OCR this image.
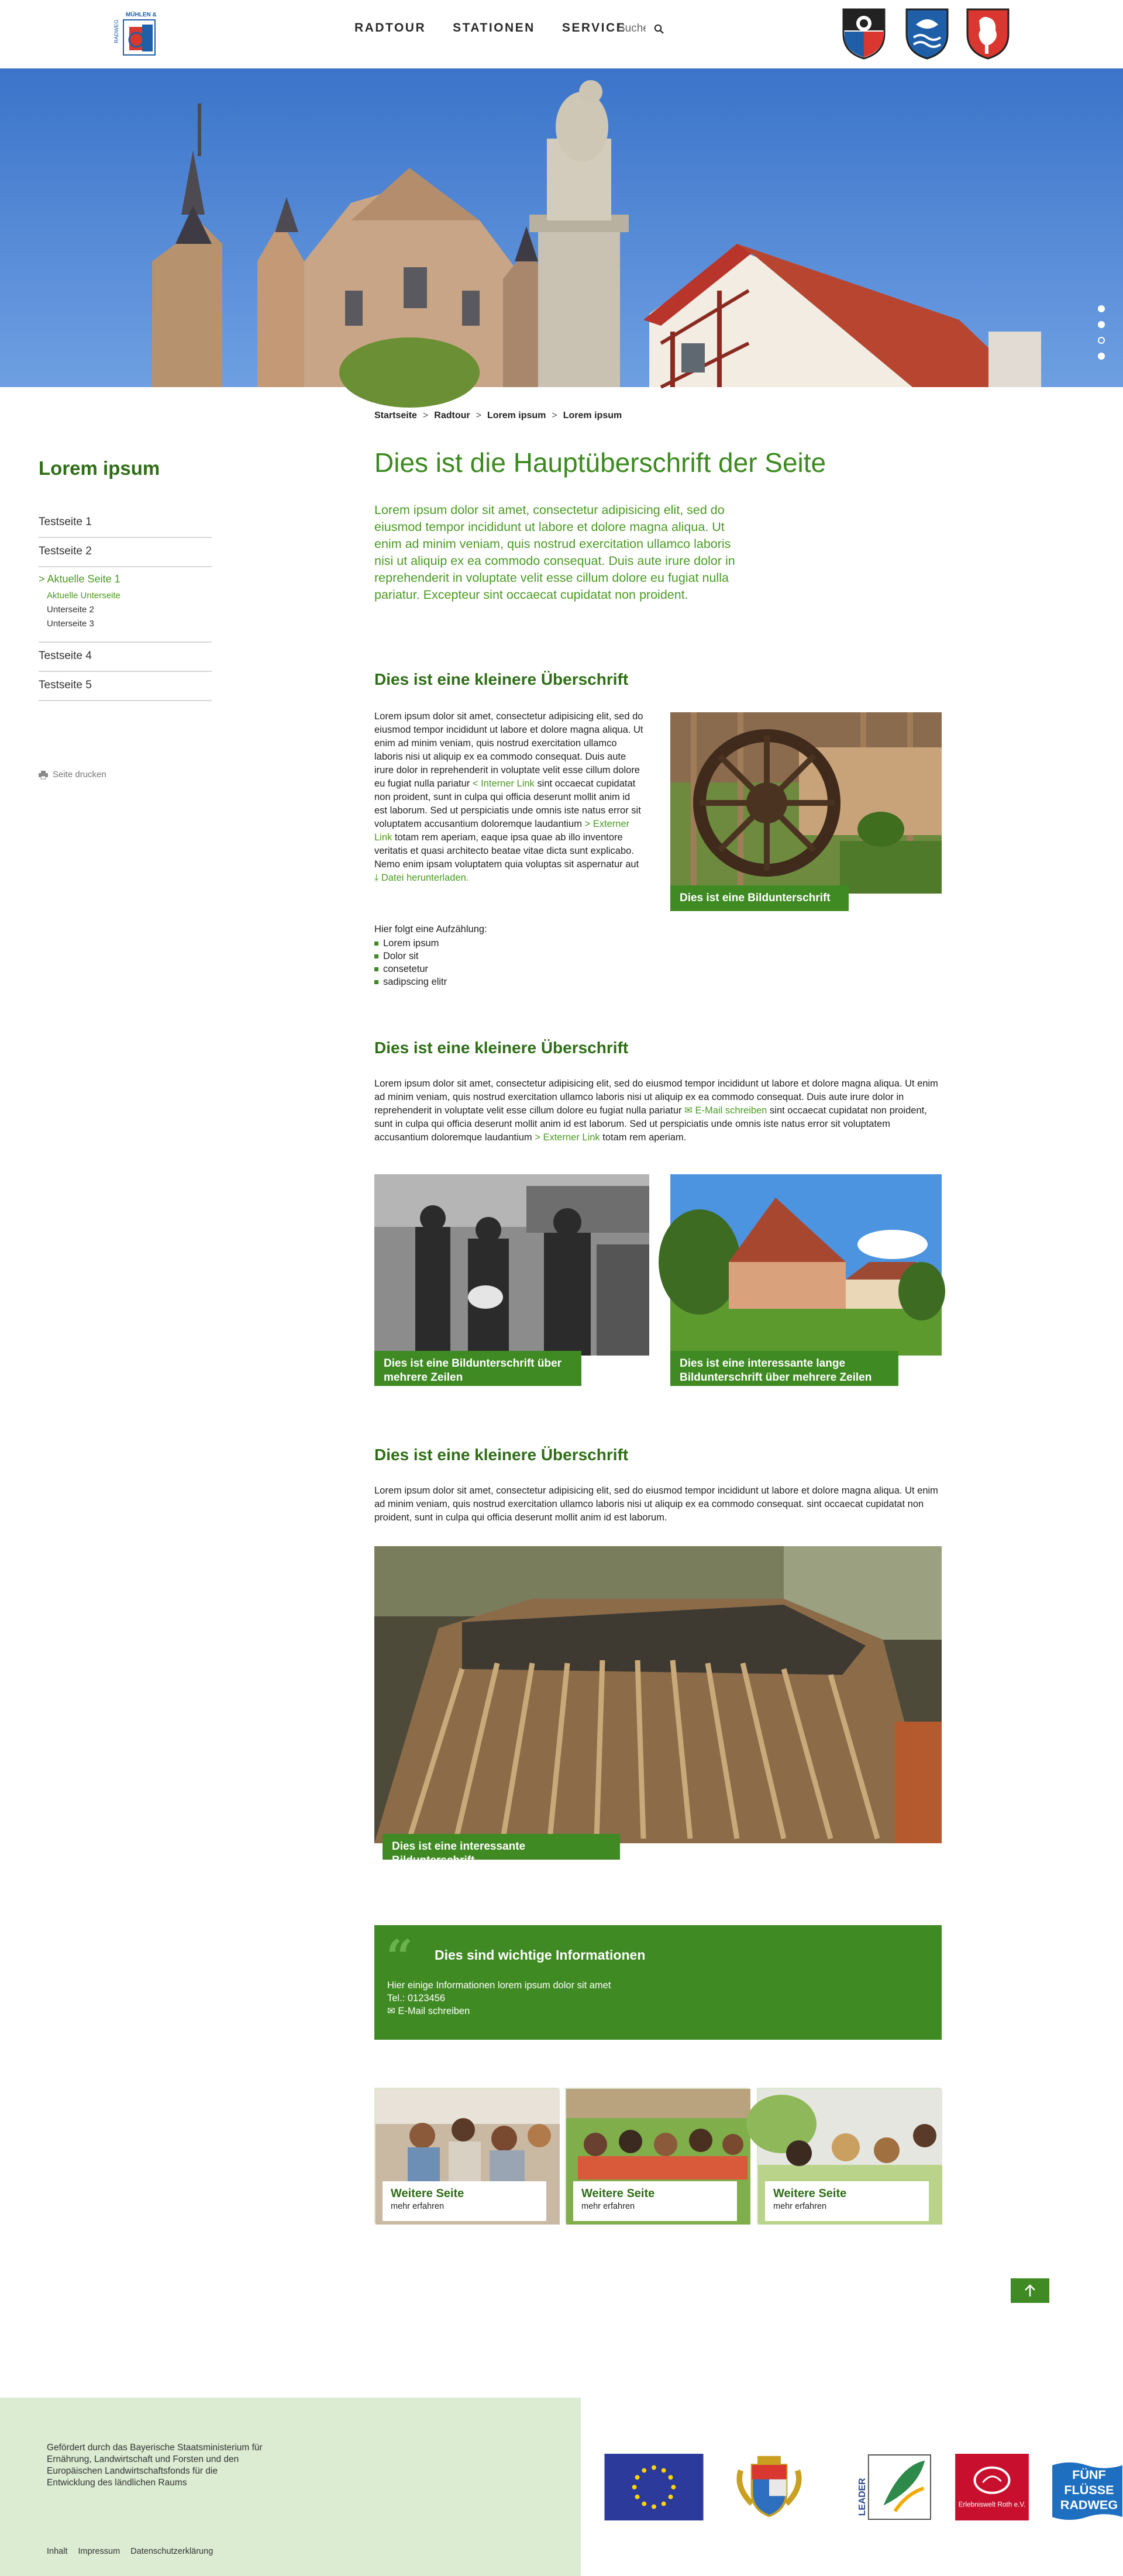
RADWEG
MÜHLEN &
RADTOUR STATIONEN SERVICE
Suche
Startseite > Radtour > Lorem ipsum > Lorem ipsum
Lorem ipsum
Testseite 1
Testseite 2
> Aktuelle Seite 1
Aktuelle Unterseite
Unterseite 2
Unterseite 3
Testseite 4
Testseite 5
Seite drucken
Dies ist die Hauptüberschrift der Seite
Lorem ipsum dolor sit amet, consectetur adipisicing elit, sed do eiusmod tempor incididunt ut labore et dolore magna aliqua. Ut enim ad minim veniam, quis nostrud exercitation ullamco laboris nisi ut aliquip ex ea commodo consequat. Duis aute irure dolor in reprehenderit in voluptate velit esse cillum dolore eu fugiat nulla pariatur. Excepteur sint occaecat cupidatat non proident.
Dies ist eine kleinere Überschrift
Lorem ipsum dolor sit amet, consectetur adipisicing elit, sed do eiusmod tempor incididunt ut labore et dolore magna aliqua. Ut enim ad minim veniam, quis nostrud exercitation ullamco laboris nisi ut aliquip ex ea commodo consequat. Duis aute irure dolor in reprehenderit in voluptate velit esse cillum dolore eu fugiat nulla pariatur < Interner Link sint occaecat cupidatat non proident, sunt in culpa qui officia deserunt mollit anim id est laborum. Sed ut perspiciatis unde omnis iste natus error sit voluptatem accusantium doloremque laudantium > Externer Link totam rem aperiam, eaque ipsa quae ab illo inventore veritatis et quasi architecto beatae vitae dicta sunt explicabo. Nemo enim ipsam voluptatem quia voluptas sit aspernatur aut ⤓ Datei herunterladen.
Dies ist eine Bildunterschrift
Hier folgt eine Aufzählung:
Lorem ipsum
Dolor sit
consetetur
sadipscing elitr
Dies ist eine kleinere Überschrift
Lorem ipsum dolor sit amet, consectetur adipisicing elit, sed do eiusmod tempor incididunt ut labore et dolore magna aliqua. Ut enim ad minim veniam, quis nostrud exercitation ullamco laboris nisi ut aliquip ex ea commodo consequat. Duis aute irure dolor in reprehenderit in voluptate velit esse cillum dolore eu fugiat nulla pariatur ✉ E-Mail schreiben sint occaecat cupidatat non proident, sunt in culpa qui officia deserunt mollit anim id est laborum. Sed ut perspiciatis unde omnis iste natus error sit voluptatem accusantium doloremque laudantium > Externer Link totam rem aperiam.
Dies ist eine Bildunterschrift über mehrere Zeilen
Dies ist eine interessante lange Bildunterschrift über mehrere Zeilen
Dies ist eine kleinere Überschrift
Lorem ipsum dolor sit amet, consectetur adipisicing elit, sed do eiusmod tempor incididunt ut labore et dolore magna aliqua. Ut enim ad minim veniam, quis nostrud exercitation ullamco laboris nisi ut aliquip ex ea commodo consequat. sint occaecat cupidatat non proident, sunt in culpa qui officia deserunt mollit anim id est laborum.
Dies ist eine interessante Bildunterschrift
“ Dies sind wichtige Informationen
Hier einige Informationen lorem ipsum dolor sit amet
Tel.: 0123456
✉ E-Mail schreiben
Weitere Seite
mehr erfahren
Weitere Seite
mehr erfahren
Weitere Seite
mehr erfahren
Gefördert durch das Bayerische Staatsministerium für Ernährung, Landwirtschaft und Forsten und den Europäischen Landwirtschaftsfonds für die Entwicklung des ländlichen Raums
Inhalt Impressum Datenschutzerklärung
LEADER	Erlebniswelt Roth e.V.
FÜNF
FLÜSSE
RADWEG
